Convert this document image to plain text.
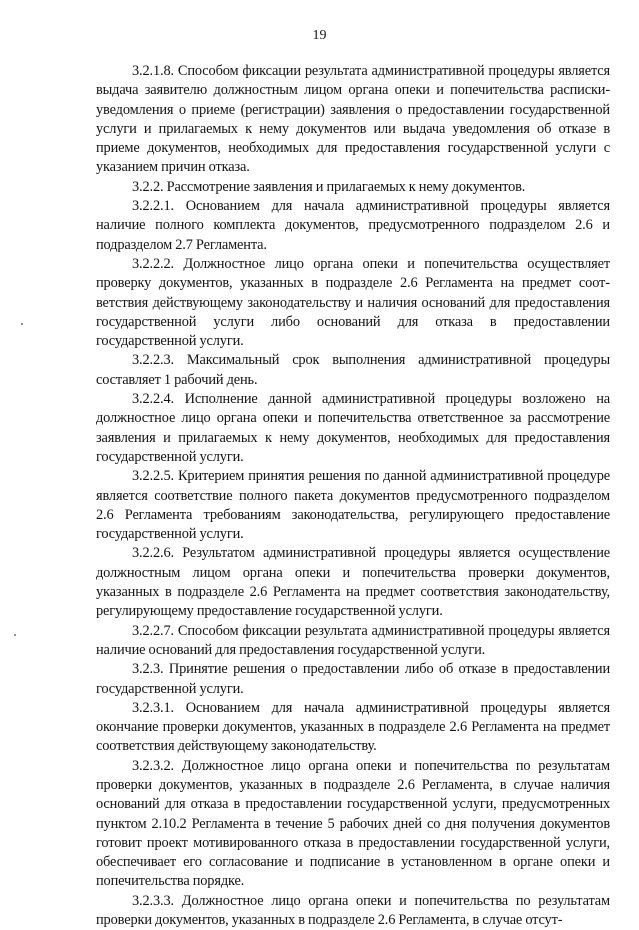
19

3.2.1.8. Способом фиксации результата административной процедуры является выдача заявителю должностным лицом органа опеки и попечительства расписки-уведомления о приеме (регистрации) заявления о предоставлении государственной услуги и прилагаемых к нему документов или выдача уведомления об отказе в приеме документов, необходимых для предоставления государственной услуги с указанием причин отказа.

3.2.2. Рассмотрение заявления и прилагаемых к нему документов.

3.2.2.1. Основанием для начала административной процедуры является наличие полного комплекта документов, предусмотренного подразделом 2.6 и подразделом 2.7 Регламента.

3.2.2.2. Должностное лицо органа опеки и попечительства осуществляет проверку документов, указанных в подразделе 2.6 Регламента на предмет соответствия действующему законодательству и наличия оснований для предоставления государственной услуги либо оснований для отказа в предоставлении государственной услуги.

3.2.2.3. Максимальный срок выполнения административной процедуры составляет 1 рабочий день.

3.2.2.4. Исполнение данной административной процедуры возложено на должностное лицо органа опеки и попечительства ответственное за рассмотрение заявления и прилагаемых к нему документов, необходимых для предоставления государственной услуги.

3.2.2.5. Критерием принятия решения по данной административной процедуре является соответствие полного пакета документов предусмотренного подразделом 2.6 Регламента требованиям законодательства, регулирующего предоставление государственной услуги.

3.2.2.6. Результатом административной процедуры является осуществление должностным лицом органа опеки и попечительства проверки документов, указанных в подразделе 2.6 Регламента на предмет соответствия законодательству, регулирующему предоставление государственной услуги.

3.2.2.7. Способом фиксации результата административной процедуры является наличие оснований для предоставления государственной услуги.

3.2.3. Принятие решения о предоставлении либо об отказе в предоставлении государственной услуги.

3.2.3.1. Основанием для начала административной процедуры является окончание проверки документов, указанных в подразделе 2.6 Регламента на предмет соответствия действующему законодательству.

3.2.3.2. Должностное лицо органа опеки и попечительства по результатам проверки документов, указанных в подразделе 2.6 Регламента, в случае наличия оснований для отказа в предоставлении государственной услуги, предусмотренных пунктом 2.10.2 Регламента в течение 5 рабочих дней со дня получения документов готовит проект мотивированного отказа в предоставлении государственной услуги, обеспечивает его согласование и подписание в установленном в органе опеки и попечительства порядке.

3.2.3.3. Должностное лицо органа опеки и попечительства по результатам проверки документов, указанных в подразделе 2.6 Регламента, в случае отсут-
